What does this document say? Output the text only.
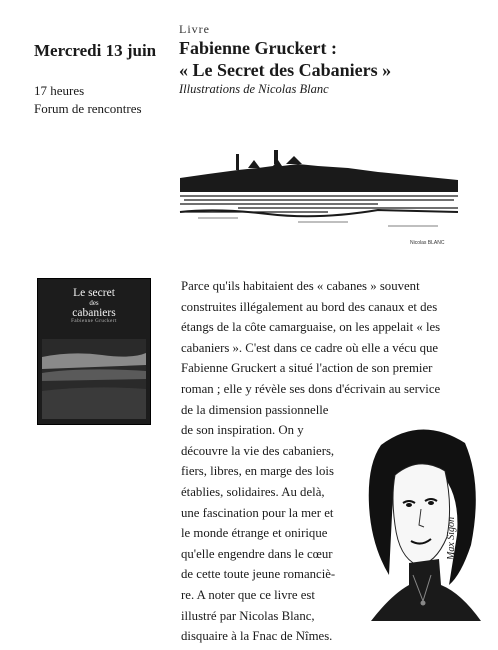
Mercredi 13 juin
17 heures
Forum de rencontres
Livre
Fabienne Gruckert :
« Le Secret des Cabaniers »
Illustrations de Nicolas Blanc
Nicolas BLANC
Le secret
des
cabaniers
Fabienne Gruckert
Parce qu'ils habitaient des « cabanes » souvent
construites illégalement au bord des canaux et des
étangs de la côte camarguaise, on les appelait « les
cabaniers ». C'est dans ce cadre où elle a vécu que
Fabienne Gruckert a situé l'action de son premier
roman ; elle y révèle ses dons d'écrivain au service
de la dimension passionnelle
de son inspiration. On y
découvre la vie des cabaniers,
fiers, libres, en marge des lois
établies, solidaires. Au delà,
une fascination pour la mer et
le monde étrange et onirique
qu'elle engendre dans le cœur
de cette toute jeune romanciè-
re. A noter que ce livre est
illustré par Nicolas Blanc,
disquaire à la Fnac de Nîmes.
Max Sigon
